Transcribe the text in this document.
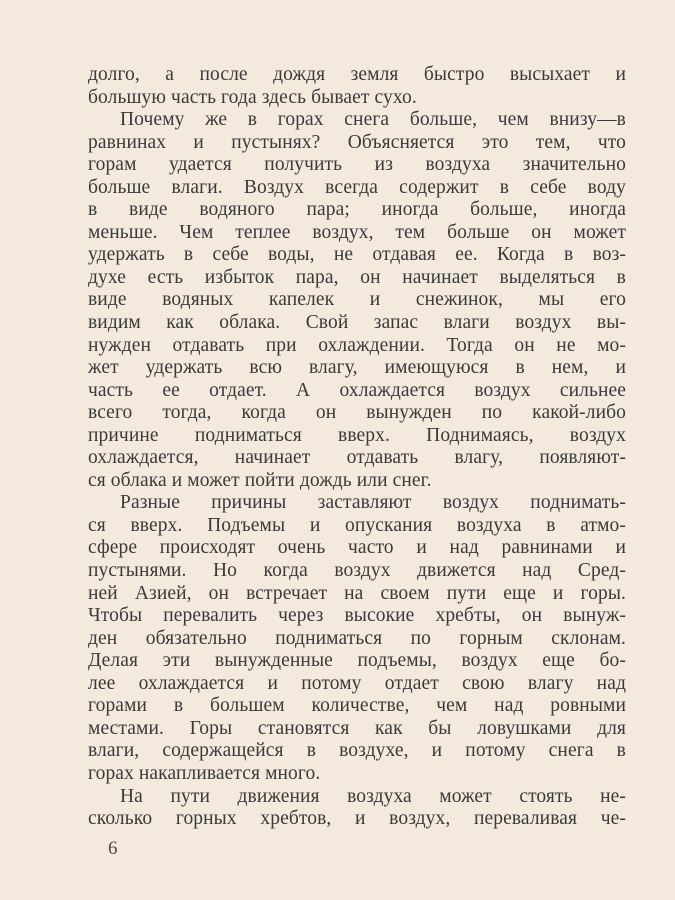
долго, а после дождя земля быстро высыхает и
большую часть года здесь бывает сухо.
Почему же в горах снега больше, чем внизу—в
равнинах и пустынях? Объясняется это тем, что
горам удается получить из воздуха значительно
больше влаги. Воздух всегда содержит в себе воду
в виде водяного пара; иногда больше, иногда
меньше. Чем теплее воздух, тем больше он может
удержать в себе воды, не отдавая ее. Когда в воз-
духе есть избыток пара, он начинает выделяться в
виде водяных капелек и снежинок, мы его
видим как облака. Свой запас влаги воздух вы-
нужден отдавать при охлаждении. Тогда он не мо-
жет удержать всю влагу, имеющуюся в нем, и
часть ее отдает. А охлаждается воздух сильнее
всего тогда, когда он вынужден по какой-либо
причине подниматься вверх. Поднимаясь, воздух
охлаждается, начинает отдавать влагу, появляют-
ся облака и может пойти дождь или снег.
Разные причины заставляют воздух поднимать-
ся вверх. Подъемы и опускания воздуха в атмо-
сфере происходят очень часто и над равнинами и
пустынями. Но когда воздух движется над Сред-
ней Азией, он встречает на своем пути еще и горы.
Чтобы перевалить через высокие хребты, он вынуж-
ден обязательно подниматься по горным склонам.
Делая эти вынужденные подъемы, воздух еще бо-
лее охлаждается и потому отдает свою влагу над
горами в большем количестве, чем над ровными
местами. Горы становятся как бы ловушками для
влаги, содержащейся в воздухе, и потому снега в
горах накапливается много.
На пути движения воздуха может стоять не-
сколько горных хребтов, и воздух, переваливая че-
6
